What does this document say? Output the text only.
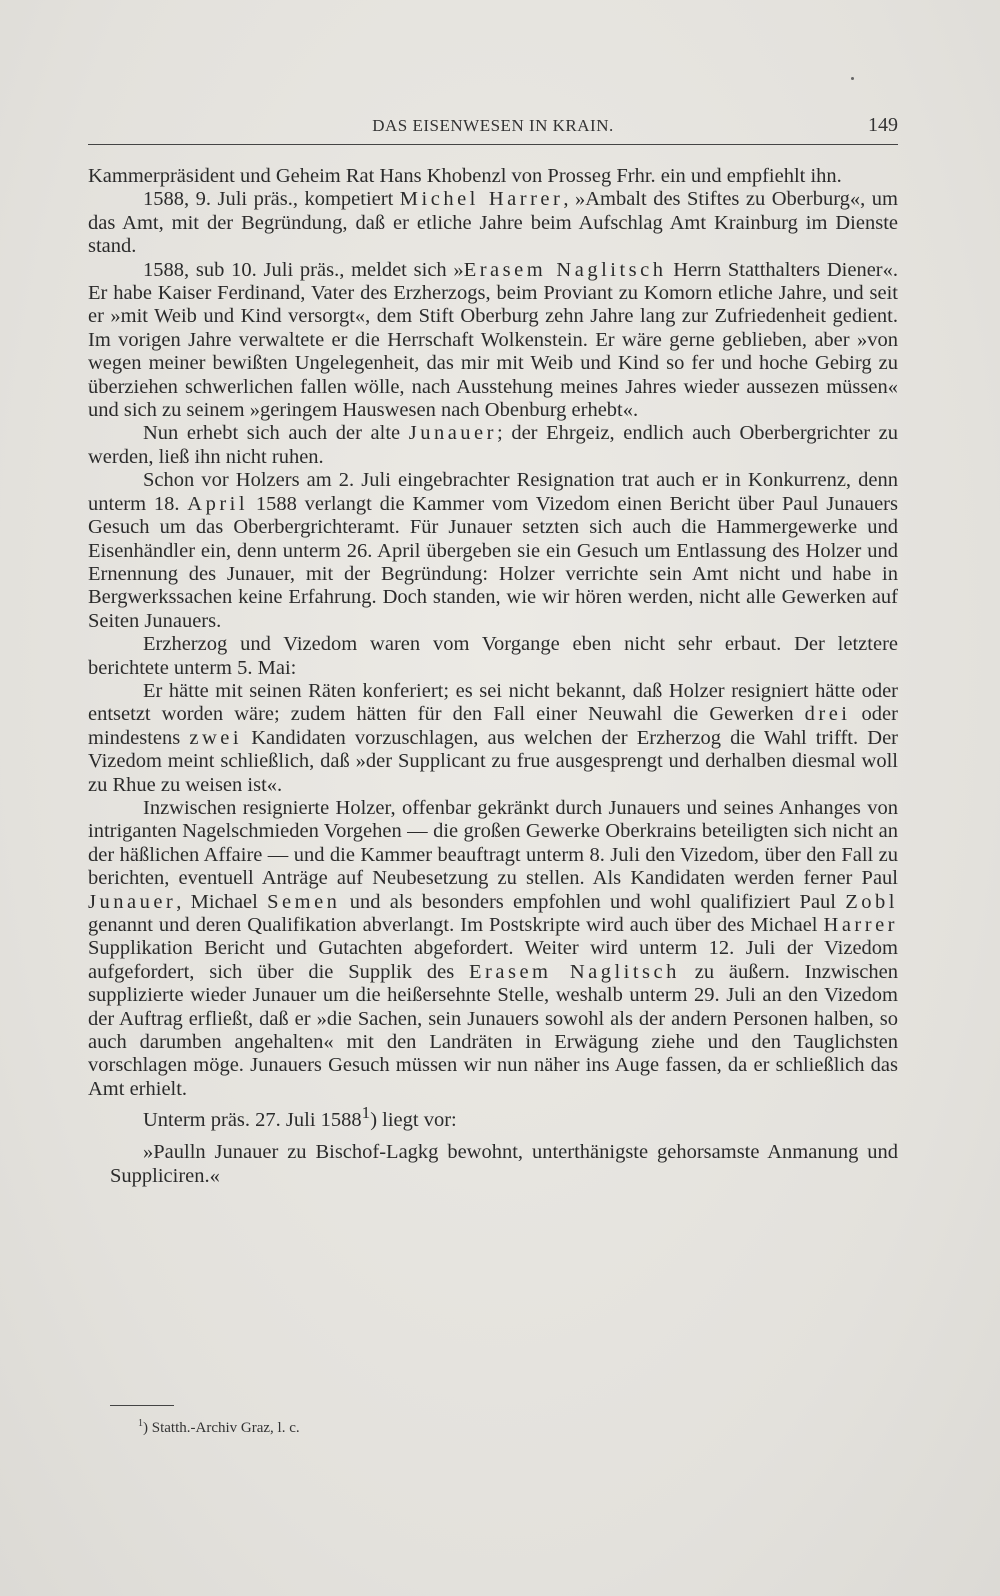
DAS EISENWESEN IN KRAIN.	149

Kammerpräsident und Geheim Rat Hans Khobenzl von Prosseg Frhr. ein und empfiehlt ihn.

1588, 9. Juli präs., kompetiert Michel Harrer, »Ambalt des Stiftes zu Oberburg«, um das Amt, mit der Begründung, daß er etliche Jahre beim Aufschlag Amt Krainburg im Dienste stand.

1588, sub 10. Juli präs., meldet sich »Erasem Naglitsch Herrn Statthalters Diener«. Er habe Kaiser Ferdinand, Vater des Erzherzogs, beim Proviant zu Komorn etliche Jahre, und seit er »mit Weib und Kind versorgt«, dem Stift Oberburg zehn Jahre lang zur Zufriedenheit gedient. Im vorigen Jahre verwaltete er die Herrschaft Wolkenstein. Er wäre gerne geblieben, aber »von wegen meiner bewißten Ungelegenheit, das mir mit Weib und Kind so fer und hoche Gebirg zu überziehen schwerlichen fallen wölle, nach Ausstehung meines Jahres wieder aussezen müssen« und sich zu seinem »geringem Hauswesen nach Obenburg erhebt«.

Nun erhebt sich auch der alte Junauer; der Ehrgeiz, endlich auch Oberbergrichter zu werden, ließ ihn nicht ruhen.

Schon vor Holzers am 2. Juli eingebrachter Resignation trat auch er in Konkurrenz, denn unterm 18. April 1588 verlangt die Kammer vom Vizedom einen Bericht über Paul Junauers Gesuch um das Oberbergrichteramt. Für Junauer setzten sich auch die Hammergewerke und Eisenhändler ein, denn unterm 26. April übergeben sie ein Gesuch um Entlassung des Holzer und Ernennung des Junauer, mit der Begründung: Holzer verrichte sein Amt nicht und habe in Bergwerkssachen keine Erfahrung. Doch standen, wie wir hören werden, nicht alle Gewerken auf Seiten Junauers.

Erzherzog und Vizedom waren vom Vorgange eben nicht sehr erbaut. Der letztere berichtete unterm 5. Mai:

Er hätte mit seinen Räten konferiert; es sei nicht bekannt, daß Holzer resigniert hätte oder entsetzt worden wäre; zudem hätten für den Fall einer Neuwahl die Gewerken drei oder mindestens zwei Kandidaten vorzuschlagen, aus welchen der Erzherzog die Wahl trifft. Der Vizedom meint schließlich, daß »der Supplicant zu frue ausgesprengt und derhalben diesmal woll zu Rhue zu weisen ist«.

Inzwischen resignierte Holzer, offenbar gekränkt durch Junauers und seines Anhanges von intriganten Nagelschmieden Vorgehen — die großen Gewerke Oberkrains beteiligten sich nicht an der häßlichen Affaire — und die Kammer beauftragt unterm 8. Juli den Vizedom, über den Fall zu berichten, eventuell Anträge auf Neubesetzung zu stellen. Als Kandidaten werden ferner Paul Junauer, Michael Semen und als besonders empfohlen und wohl qualifiziert Paul Zobl genannt und deren Qualifikation abverlangt. Im Postskripte wird auch über des Michael Harrer Supplikation Bericht und Gutachten abgefordert. Weiter wird unterm 12. Juli der Vizedom aufgefordert, sich über die Supplik des Erasem Naglitsch zu äußern. Inzwischen supplizierte wieder Junauer um die heißersehnte Stelle, weshalb unterm 29. Juli an den Vizedom der Auftrag erfließt, daß er »die Sachen, sein Junauers sowohl als der andern Personen halben, so auch darumben angehalten« mit den Landräten in Erwägung ziehe und den Tauglichsten vorschlagen möge. Junauers Gesuch müssen wir nun näher ins Auge fassen, da er schließlich das Amt erhielt.

Unterm präs. 27. Juli 1588$^1$) liegt vor:

»Paulln Junauer zu Bischof-Lagkg bewohnt, unterthänigste gehorsamste Anmanung und Suppliciren.«

$^1$) Statth.-Archiv Graz, l. c.
